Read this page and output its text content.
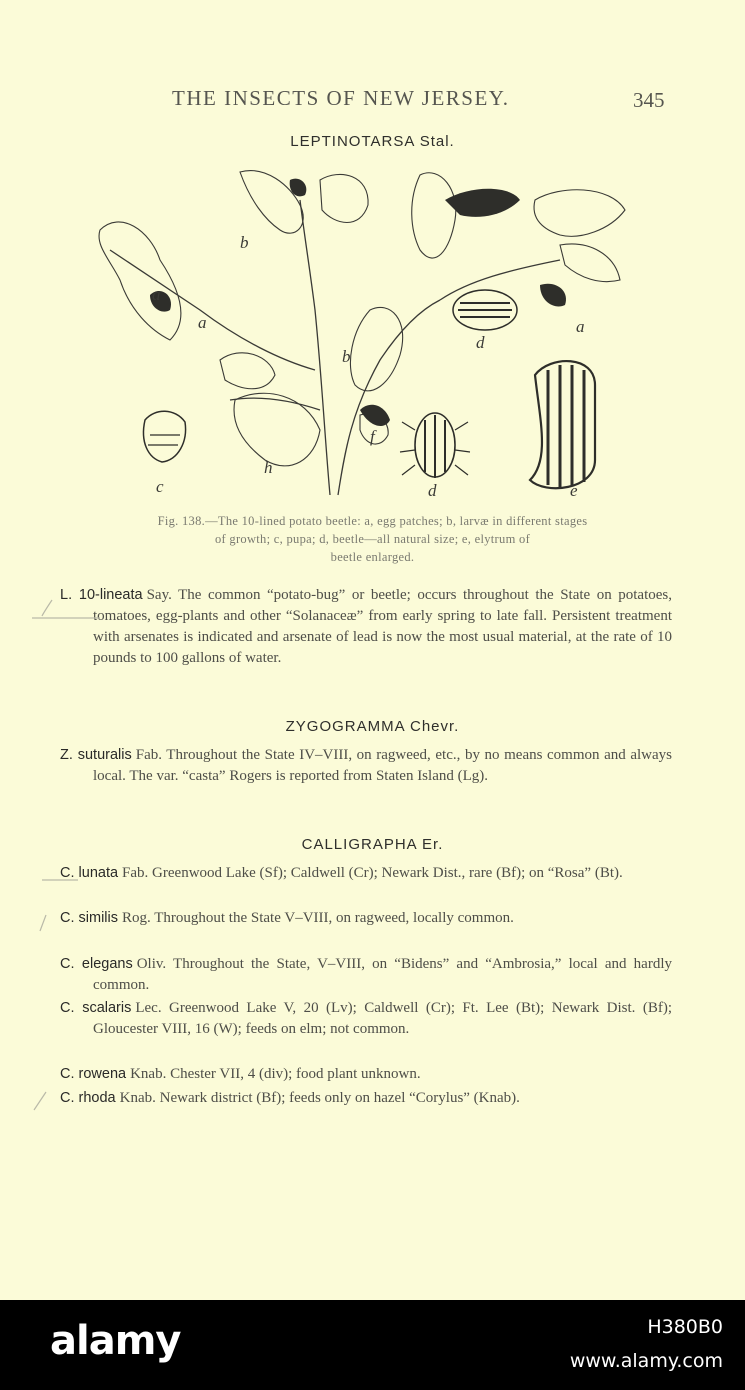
THE INSECTS OF NEW JERSEY.	345
LEPTINOTARSA Stal.
a
b
a
b
d
a
c
h
f
d	e
Fig. 138.—The 10-lined potato beetle: a, egg patches; b, larvæ in different stages
of growth; c, pupa; d, beetle—all natural size; e, elytrum of
beetle enlarged.
L. 10-lineata Say. The common “potato-bug” or beetle; occurs throughout the State on potatoes, tomatoes, egg-plants and other “Solanaceæ” from early spring to late fall. Persistent treatment with arsenates is indicated and arsenate of lead is now the most usual material, at the rate of 10 pounds to 100 gallons of water.
ZYGOGRAMMA Chevr.
Z. suturalis Fab. Throughout the State IV–VIII, on ragweed, etc., by no means common and always local. The var. “casta” Rogers is reported from Staten Island (Lg).
CALLIGRAPHA Er.
C. lunata Fab. Greenwood Lake (Sf); Caldwell (Cr); Newark Dist., rare (Bf); on “Rosa” (Bt).
C. similis Rog. Throughout the State V–VIII, on ragweed, locally common.
C. elegans Oliv. Throughout the State, V–VIII, on “Bidens” and “Ambrosia,” local and hardly common.
C. scalaris Lec. Greenwood Lake V, 20 (Lv); Caldwell (Cr); Ft. Lee (Bt); Newark Dist. (Bf); Gloucester VIII, 16 (W); feeds on elm; not common.
C. rowena Knab. Chester VII, 4 (div); food plant unknown.
C. rhoda Knab. Newark district (Bf); feeds only on hazel “Corylus” (Knab).
alamy	H380B0
www.alamy.com
